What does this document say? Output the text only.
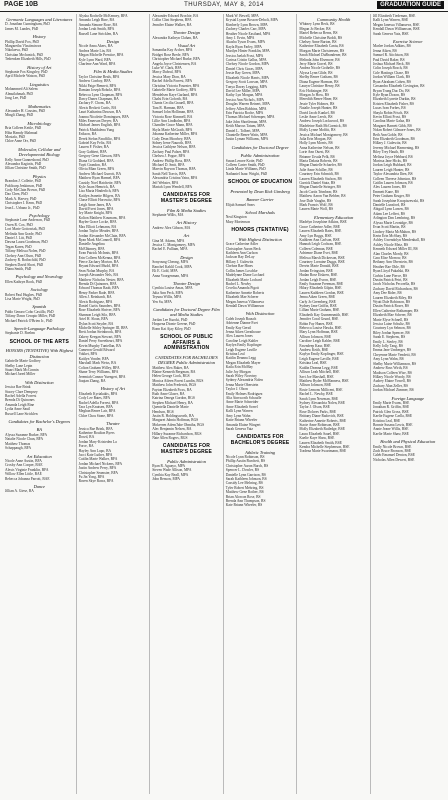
PAGE 10B	THURSDAY, MAY 8, 2014	GRADUATION GUIDE
Germanic Languages and Literatures
D. Jonathan Cunningham, PhD
James M. Landes, PhD
History
Phillip David Fox, PhD
Margaretha Vlastimirova
Nikolaeva, PhD
Christian Mrchonick, PhD
Tedrenken Elizabeth Hills, PhD
History of Art
Stephanie Fox Kingsley, PhD
April Michele Watson, PhD
Linguistics
Mohammed Ali Salem
Almutlahmah, PhD
Jong Lee, PhD
Mathematics
Alexander H. Cousins, PhD
Mingli Zhang, PhD
Microbiology
Bria Colleen Kettle, PhD
Hiba Hamdy Mahmud
Mostafa, PhD
Chloe Anne Orr, PhD
Molecular, Cellular and Developmental Biology
Kelly Anne Gunnesbond, PhD
Alexandra Kagiotis, PhD
Jillian Christine Smith, PhD
Physics
Brandon J. Collette, PhD
Publicarp Jenkinson, PhD
Cody McClain Brown, PhD
Dao Chen, PhD
Mark A. Harvey, PhD
Christopher J. Kenn, PhD
Jean L. Urbano Jr., PhD
Psychology
Stephanie Lane Anderson, PhD
Owen R. Cox, PhD
Lori Marie Gottowiak, PhD
Melinda Ann Grade, PhD
Daniel J. Litt, PhD
Dawna Laura Goodman, PhD
Tegan Karen, PhD
Tiffany Melissa Nolen, PhD
Chelsey Ann Olson, PhD
Zachery R. Rothschild, PhD
Stephen David Short, PhD
Diana Smith, PhD
Psychology and Neurology
Ellen Kathryn Rook, PhD
Sociology
Robert Paul Hughes, PhD
Lisa Marie Wright, PhD
Spanish
Pablo Genaro Cobo Castillo, PhD
Tiffany Dawn Cerapio Miller, PhD
Michael Patrick O'Brien Jr., PhD
Speech-Language Pathology
Stephanie D. Boehm
SCHOOL OF THE ARTS
HONORS (TENTATIVE) With Highest Distinction
Gabrielle Marie Godfrey
Shelby Lane Lepin
Stuart Mark McConnin
Michael Jared Miller
With Distinction
Jessica Rae Brink
Stacey Clare Dempsey
Rachel Adella Forrest
Brenda Di Quinones
Amanda Leigh Rine
Lydia Anne Sauil
Russell Lane Stricklen
Candidates for Bachelor's Degrees
BA
Alyssa Suzanne Burker, BFA
Natalie Nicole Chun, BFA
Matthew Thomas
Schappaugh, BFA
Art Education
Nicole Anne Austin, BFA
Crosby Ann Cooper, BAE
Alexis Virginie Franklin, BFA
Willow Ellen Little, BAE
Rebecca Johanna Parrott, BAE
Dance
Jillian A. Giese, BA
Alysha Rochelle McKenney, BFA
Amanda Leigh Rine, BA
Amanda Simone Rose, BA
Jordan Leah Smith, BFA
Russell Lane Stricklen, BA
Design
Nicole Anna Akers, BA
Andrea Marie Lin, BA
Megan Michelle Prentice, BFA
Kyle Lynn Ward, BFA
Charlene Ann Ward, BFA
Film & Media Studies
Taylor Christine Beals, BFA
Andrew Conboy, BFA
Nikki Paige Bennett, BFA
Damian Joseph Bobolz, BFA
Rebecca Lynn Chapman, BFA
Darcy Danes Chapman, BA
Zachary F. Chons, BA
Alexis Beckett Curtis, BA
Lauri Katharina Dawson, BA
Joanna Nicolette Dominguez, BFA
Miles Emerson Dreyer, BA
Michael James English, BFA
Patrick Maddalena Yung
Erikson, BA
Derek Stefan Faraffilio, BFA
Gabriel Kay Felix, BA
Lauren F. Fisher, BA
Gray Gabbert, BFA
Gregory Gene Glasson, BFA
Diana Gi Goddard, BFA
Yuyii Grandon, BA
Olivia Mian Green, BFA
Andrew Michael Gurrott, BA
Matthew Ryan Harmel, BFA
Cassidy Noel Hatchette, BFA
Kyle Jason Hemrick, BA
Lisa Maria Hinderlich, BFA
Kaitlyn Jeanette Hilgers, BA
Chase Elliott Horowitz, BFA
Leigh Anne Janes, BA
David Evert Jones, BFA
Ivy Marie Knight, BFA
Kolton Matthew Koumans, BFA
Haylee Grace Locke, BFA
Max Elliott Lehmann, BA
Jordan Taylor Meader, BFA
Jordan Alexander McClain, BFA
Ryan Mark McConnell, BFA
Danielle Angelina
McElhinney, BFA
Evan Patrick McInnis, BFA
Erin Colleen McKenna, BFA
Pierce Zachary Morton, BA
Bryant Edward Mudd, BFA
Sean Nolan Murphy, BA
Joseph Alexander Nels, BA
Matthew Nicholas Nester, BFA
Brenda Di Quinones, BFA
Edward Thomas Raab, BFA
Henry Parker Rade, BFA
Allen J. Reinhardt, BA
Alexis Rodriguez, BFA
Daniel Curtis Saunders, BFA
Rose Elizabeth Shriver, BFA
Shannon Leigh Silo, BFA
Ariel H. Sloan, BFA
Dylan Scott Snyder, BA
Michelle Sibley Springer III, BFA
Brett Jordan Steinbrook, BFA
Zakery Keegan Stewart, BFA
Daniel Perry Sweetheart, BFA
Kevin Murphy Tuntellan, BA
Cameron Gerald Edward
Vokket, BFA
Kaitlyn Vonder, BFA
Marshall Mark Weiss, BA
Colton Graham Willey, BFA
Shane Terry Williams, BFA
Jeremiah Connor Yuengert, BFA
Jiaqian Zhang, BA
History of Art
Elizabeth Kyriakakis, BFA
Cody Lee Bates, BFA
Rachel Adella Forrest, BFA
Tara Lyn Knutsen, BFA
Meghan Renee Lair, BFA
Chloe Chou Stone, BFA
Theatre
Jessica Rae Brink, BFA
Katherine Boulton Byers
Dowd, BA
Jordan Mary-Kristeden La
Force, BA
Hayley Ann Lupo, BA
Jacci Kate Luther, BFA
Caitlin Marie Walker, BFA
Jordan Michael Nickens, BFA
Justin Andrew Perry, BFA
Christopher Seamster, BFA
Fu Jin Yong, BFA
Raven Skye Rawa, BFA
Alexander Edward Brochie, BA
Collin Clint Stephens, BFA
Jennifer Elaine Walker, BA
Theatre Design
Alexandra Kathryn Clahan, BA
Visual Art
Samantha Kay Archer, BFA
Bridget Rose Brede, BFA
Christopher Michael Burke, BFA
Angela Joyce Christensen, BA
Luke W. Clark, BFA
Marcy Dubrul, BFA
Jessica Mary Dion, BA
Rachel Adella Forrest, BFA
Christina Victoria Fournier, BFA
Gabrielle Marie Godfrey, BFA
Mendelsen Kaye Garland, BFA
Chalsi Erin Goforth, BA
Chantz Cecilia Grauell, BFA
Tara R. Harman, BFA
Samuel John Holliman, BFA
Victoria Rose Kimmell, BA
Lillie Ann Lindholm, BFA
Chandler Grace Mann, BFA
Skyla Marie McGrath, BFA
Johanna Katherine Miller, BFA
Cody Dean Moorhey, BFA
Sidney Irene Nauroth, BFA
Jessica Cathlyne Nelson, BFA
Zachary Paul Palzer, BFA
Chelsea J. Pogue, BFA
Andrew Phillip Ross, BFA
Michael D. Smit, BFA
Marvin Rayvon Thomas, BFA
Sarah Nell Travis, BFA
Alexandria Cristina Vatra, BFA
Jeff Webster, BFA
Mariah Lynn Wendell, BFA
CANDIDATES FOR MASTER'S DEGREE
Film & Media Studies
Stephanie Willis, MA
Art History
Andrew Alex Gibson, MA
Art
Gina M. Adams, MFA
Jessica C. Montgomery, MFA
Rachel E. Pulliam, MFA
Design
Sonyoung Cheong, MFA
Ranchel Kahlil Cook, MFA
Eli E. Gold, MFA
Anna Voorgenman, MFA
Theatre Design
Cynthia Louise Amas, MFA
Julia Ann Peck, MFA
Teyuna Willis, MFA
Yen Su, MFA
Candidates for Doctoral Degree Film and Media Studies
Jordan Lee Kuroki, PhD
Hoquena Dionte Greene, PhD
Ronn Kai Ajay Kiley, PhD
SCHOOL OF PUBLIC AFFAIRS & ADMINISTRATION
CANDIDATES FOR BACHELOR'S DEGREE Public Administration
Matthew Alex Baker, BA
Blaine Kenneth Bergman, BA
Helen George Cook, BGS
Monica Aileen Forest Lundin, BGS
Matthew John Frederick, BGS
Payton Elizabeth Foxx, BA
Ruth Anne Glaser, BA
Katrina Omega Gordon, BGS
Stephen Michael Henry, BA
Quentella Danielle Marie
Hendson, BGS
Justin R. Holdingsworth, BA
Margaret Juhnia Hoffman, BGS
Mokerren Adem'Jabe Ohmiba, BGS
Alec Benjamin Nelsen, BA
Hillary Suzanne Richardson, BGS
Nate Allen Rogers, BGS
CANDIDATES FOR MASTER'S DEGREE
Public Administration
Ryan R. Aguayo, MPA
Steven Wade Allison, MPA
Cynthia Kay Beall, MPA
John Benson, MPA
Mark W. Bewell, MPA
Krystal Lynne Bosson-Debolt, MPA
Kimberly Lynn Brown, MPA
Zachery Charles Carr, MPA
Heather Nicole Eastlund, MPA
Amy J. Ervin, MPA
Akasha Tyson Evans, MPA
Kayla Ryan Farley, MPA
Marilyn Hinter Franklin, MPA
Jessica Jaelah Frost, MPA
Carissa Cristin Gallus, MPA
Chelsey Nicole Gordon, MPA
Daniel Chris Goras, MPA
Jessie Ray Green, MPA
Elizabeth Nicole Harris, MPA
Gregory Scott Lawson, MPA
Tonya Davay Legging, MPA
David Lee Miller, MPA
Kathy Lyn Morgan, MPA
Jessica Ann Nichols, MPA
Douglas Warren Reinert, MPA
Jeffrey Allen Robbins, MPA
Erin Patricia Roche, MPA
Thomas Michael Schemper, MPA
Jake John Shortleman, MPA
Keith Marcus Tatum, MPA
Daniel L. Tolbert, MPA
Chantelle Renee Watts, MPA
Justin Lyman Williams, MPA
Candidates for Doctoral Degree
Public Administration
Susan Lenore Kotte, PhD
Colleen Carter Smith, PhD
Linda Marie Williams, PhD
Nathaniel Isaac Wright, PhD
SCHOOL OF EDUCATION
Presented by Dean Rick Ginsberg
Banner Carrier
Elijah Samuel Sears
School Marshals
Neal Kingston
Mary Mortenson
HONORS (TENTATIVE)
With Highest Distinction
Grace Catherine Adler
Christopher Aaron Beck
Kathleen Ann Carlson
Jackson Ray DeLay
Hillary J. Gulewitz
Chelsea Rae Hines
Collin James Loschke
Madelynne Diane Lochard
Elizabeth Marie Lochard
Rachel L. Newby
Cecelia Amanda Pigott
Katherine Annette Roberts
Elizabeth Mae Scherer
Megan Janessa Villanueva
Kendall Dawn Williamson
With Distinction
Caleb Joseph Bausch
Adrienne Dianne Evet
Emily Kay Gerstl
Jenna Aiken Greathouse
Alex Lauren Jones
Caroline Leigh Kahler
Kaylyn Emily Kopfinger
Leigh Eugene Laville
Kristina Leal
Kaitlin Deanna Legg
Megan Elizabeth Mayer
Kaila Erin McMay
Julie Joy Morgan
Sarah Wiley Novotny
Sydney Alexandria Nolen
Jenna Marie Oberstein
Taylor J. Olson
Emily Holmes Rodriguez
Alia Ainsworth Schaufle
Anne Marie Schneider
Anne Elizabeth Sorrel
Kalli Lynn Warren
Amy Lynn Wahn
Katie Briann Wheeler
Amanda Elaine Wingert
Sarah Geneva Yatz
CANDIDATES FOR BACHELOR'S DEGREE
Athletic Training
Nicole Lynn Robinson, BS
Phillip Austin Burchett, BS
Christopher Aaron Burch, BS
Spencer L. Dowler, BS
Danielle Lynn Garrison, BS
Sarah Kathleen Johnson, BS
Cassidy Lee Mehring, BS
Tyler Robert Mehring, BS
Matthew Gene Rother, BS
Brian Alorcon Rose, BS
Brenda Ann Thompson, BS
Kate Briann Wheeler, BS
Community Health
Whitney Lynn Beck, BS
Megan Jo Becker, BS
Mariel Rebecca Berns, BS
Michelle Christine Boddi, BS
Chelsey Anne Burton, BS
Katherine Elizabeth Cantu, BS
Morgan Marie Christensen, BS
Sarah Michael DuBrandener, BS
Melinda John Elsemore, BS
Jerry Marie Gorrel, BS
Andrea Nicole Gothelfe, BS
Alyssa Lynn Glide, BS
Shelby Renee Gotham, BS
Diana Eugene Harmon, BS
Lauryn Christine Henry, BS
Eric Holtzinger, BS
Morgan Jo Hoss, BS
Meredith Renee Hiner, BS
Jessie Tyler Holmes, BS
Natalie Joseph Hunter, BS
David Jacob Kunkel, BS
Leslie Anne Leech, BS
Andrew Joseph Lockwood, BS
Madeleine Ruth McCormick, BS
Molly Lynne Moffitt, BS
Jessica Michael Montgomery, BS
Julia Erin Morgan, BS
Holly Lynn Morris, BS
Anna Katherine Nelson, BS
Lorie Ann Ouest, BS
Brianne Ursula Pelk, BS
Maria Dakota Roberts, BS
Megan Danielle Schaefer, BS
Julie Anne Schiller, BS
Courtney Erin Schmidt, BS
Lauren Elizabeth Stafson, BS
Garrick Daniel Stutz, BS
Megan Danielle Stringer, BS
Jacob Curtis Trimbear, BS
Matthew Aaron Van Bebber, BS
Jose Dale Vaughn, BS
Mark Francis Wolf, BS
Lauren Marie Wolf, BS
Elementary Education
Madelyn Josephine Adkins, BSE
Grace Catherine Adler, BSE
Lauren Elizabeth Bates, BSE
Amy Lyn Boggs, BSE
Kathleen Ann Carlson, BSE
Hannah Leigh Cochran, BSE
Colleen Coleman, BSE
Adrienne Diane Evet, BSE
Melissa Marsh Dickerson, BSE
Courtney Lorraine Duggs, BSE
Dervin Marie Donald, BSE
Jordan Evingston, BSE
Hudan Rose Eiskren, BSE
Jordan Leigh Evron, BSE
Emily Suzanne Freeman, BSE
Hilary Elizabeth Gilpin, BSE
Lauren Kathleen Gordon, BSE
Jenna Aiken Green, BSE
Carly Jo Greenberg, BSE
Sydney Jane Griffin, BSE
Lillian Marie Graham, BSE
Elizabeth Kay Gunnensmith, BSE
Jennifer Coral Grund, BSE
Robin Fay Hanes, BSE
Rebecca Louise Hawks, BSE
Mary Lynn Hoffman, BSE
Allison Johnson, BSE
Caroline Leigh Kahler, BSE
Fawndeep Kaur, BSE
Andrew Keith, BSE
Kaylyn Emily Kopfinger, BSE
Leigh Eugene Laville, BSE
Kristina Leal, BSE
Kaitlin Deanna Legg, BSE
Allison Leah Mitchell, BSE
Savi Joe Marshall, BSE
Matthew Ryder McManness, BSE
Allison Johnson, BSE
Rosie Lemons Millicent, BSE
Rachel L. Newby, BSE
Sarah Lynn Newman, BSE
Sydney Alexandria Nolen, BSE
Taylor J. Olson, BSE
Rose Dolores Parks, BSE
Brittany Diane Radovich, BSE
Katherine Annette Roberts, BSE
Stacie Anne Robinson, BSE
Molly Elizabeth Rutledge, BSE
Laura Elizabeth Sauel, BSE
Kaelie Kaye Shaw, BSE
Lauren Elizabeth Smith, BSE
Kendra Michelle Stephenson, BSE
Tradena Marie Swartmann, BSE
Jill Elizabeth Tiedeman, BSE
Kalli Lynn Warren, BSE
Megan Janessa Villanueva, BSE
Kendall Dawn Williamson, BSE
Sarah Geneva Yatz, BSE
Exercise Science
Marlee Jordan Adkins, BS
Jenna Aiken, BS
Samuel R. Aitchison, BS
Paul David Baker, BS
Joshua Michael Beck, BS
Colin Joseph Bosch, BS
Cole Hastings Chase, BS
Jordan William Clark, BS
Ryan Abraham Cohen, BS
Cassandra Elizabeth Covington, BS
Bryan Trung Duc Do, BS
Kyle Ryan Doxon, BS
Elizabeth Lynette Durkin, BS
Kristen Elizabeth Fisher, BS
Lucas Ivan Forbes, BS
Shayla Robin Frisch, BS
Kevin Elliott Frost, BS
Carolina Marie Galaz, BS
Margaret Barnett Gibb, BS
Nolan Robert Gilmore-Jones, BS
Beth Ann Goble, BS
Erin Elizabeth Goodman, BS
Hillary J. Gulewitz, BS
Jeremy Michael Harmening, BS
Riley Trey Hauth, BS
Melissa Joyce Hebbard, BS
Marissa Jane Hicks, BS
Jordan Leigh Hubbard, BS
Lauren Leigh Hunter, BS
Taylor Alexandria Ilten, BS
Colleen Therese Johnston, BS
Caitlin Lauren Johnson, BS
Alex Lauren Jones, BS
Emmett Kane, BS
Peter Graham Kruger, BS
Sarah Josephine Kwapiszewski, BS
Danielle Lunsford, BS
Abigail Lynn Larsen, BS
Adam Lee Leffert, BS
Arlington Dan Lembring, BS
Alyssa Marie Leonidge, BS
Evan Scott Martin, BS
Lindsey Maria McMahon, BS
Kerin Erin McShay, BS
Ashley Gwendolyn Mendenhall, BS
Ashley Nicole Metz, BS
Kenneth Edward Miller III, BS
Alan Charles Mordy, BS
Cara Elise Morrow, BS
Bethany Ann Oberstein, BS
Heather Rae Ohle, BS
Ryan Lloyd Pukalski, BS
Corbin Lane Pierce, BS
Dustin Patrick Petri, BS
Jacob Nicholas Pecorella, BS
Zachary David Richardson, BS
Amy Dee Rider, BS
Lauren Elizabeth Riley, BS
Wyatt Dale Robinson, BS
Dustin Patrick Roser, BS
Ellen Catherine Rothamper, BS
Elizabeth Mae Scherer, BS
Marie Elyse Schnell, BS
Jessica Laine Schultz, BS
Courtney Lyn Selmon, BS
Riley Jordan Spencer, BS
Sarah E. Stephens, BS
Emily L. Sterley, BS
Kelly Jolly Tang, BS
Emma Jane Umberger, BS
Cheyenne Marie Vendetti, BS
Amy Lynn Wahn, BS
Shelby Marie Williamson, BS
Andrew Ross Wirth, BS
Madison Colleen Wise, BS
Hillary Nicole Woody, BS
Audrey Elaine Yowell, BS
Zachary Alan Zeller, BS
Jordan Michael Zimmer, BS
Foreign Language
Emily Marie Evans, BSE
Jonathan R. Griffin, BSE
Patrick Glen Gross, BSE
Kaelie Eugene Carlla, BSE
Kristina Leal, BSE
Bonnie Susana Lewis, BSE
Annie Jeane Willis, BSE
Kaelie Marie Shaw, BSE
Health and Physical Education
Emily Nicole Brown, BSE
Zach Bruce Bronson, BSE
Caleb Emanuel Denton, BSE
Nicholas Allen Dewert, BSE
